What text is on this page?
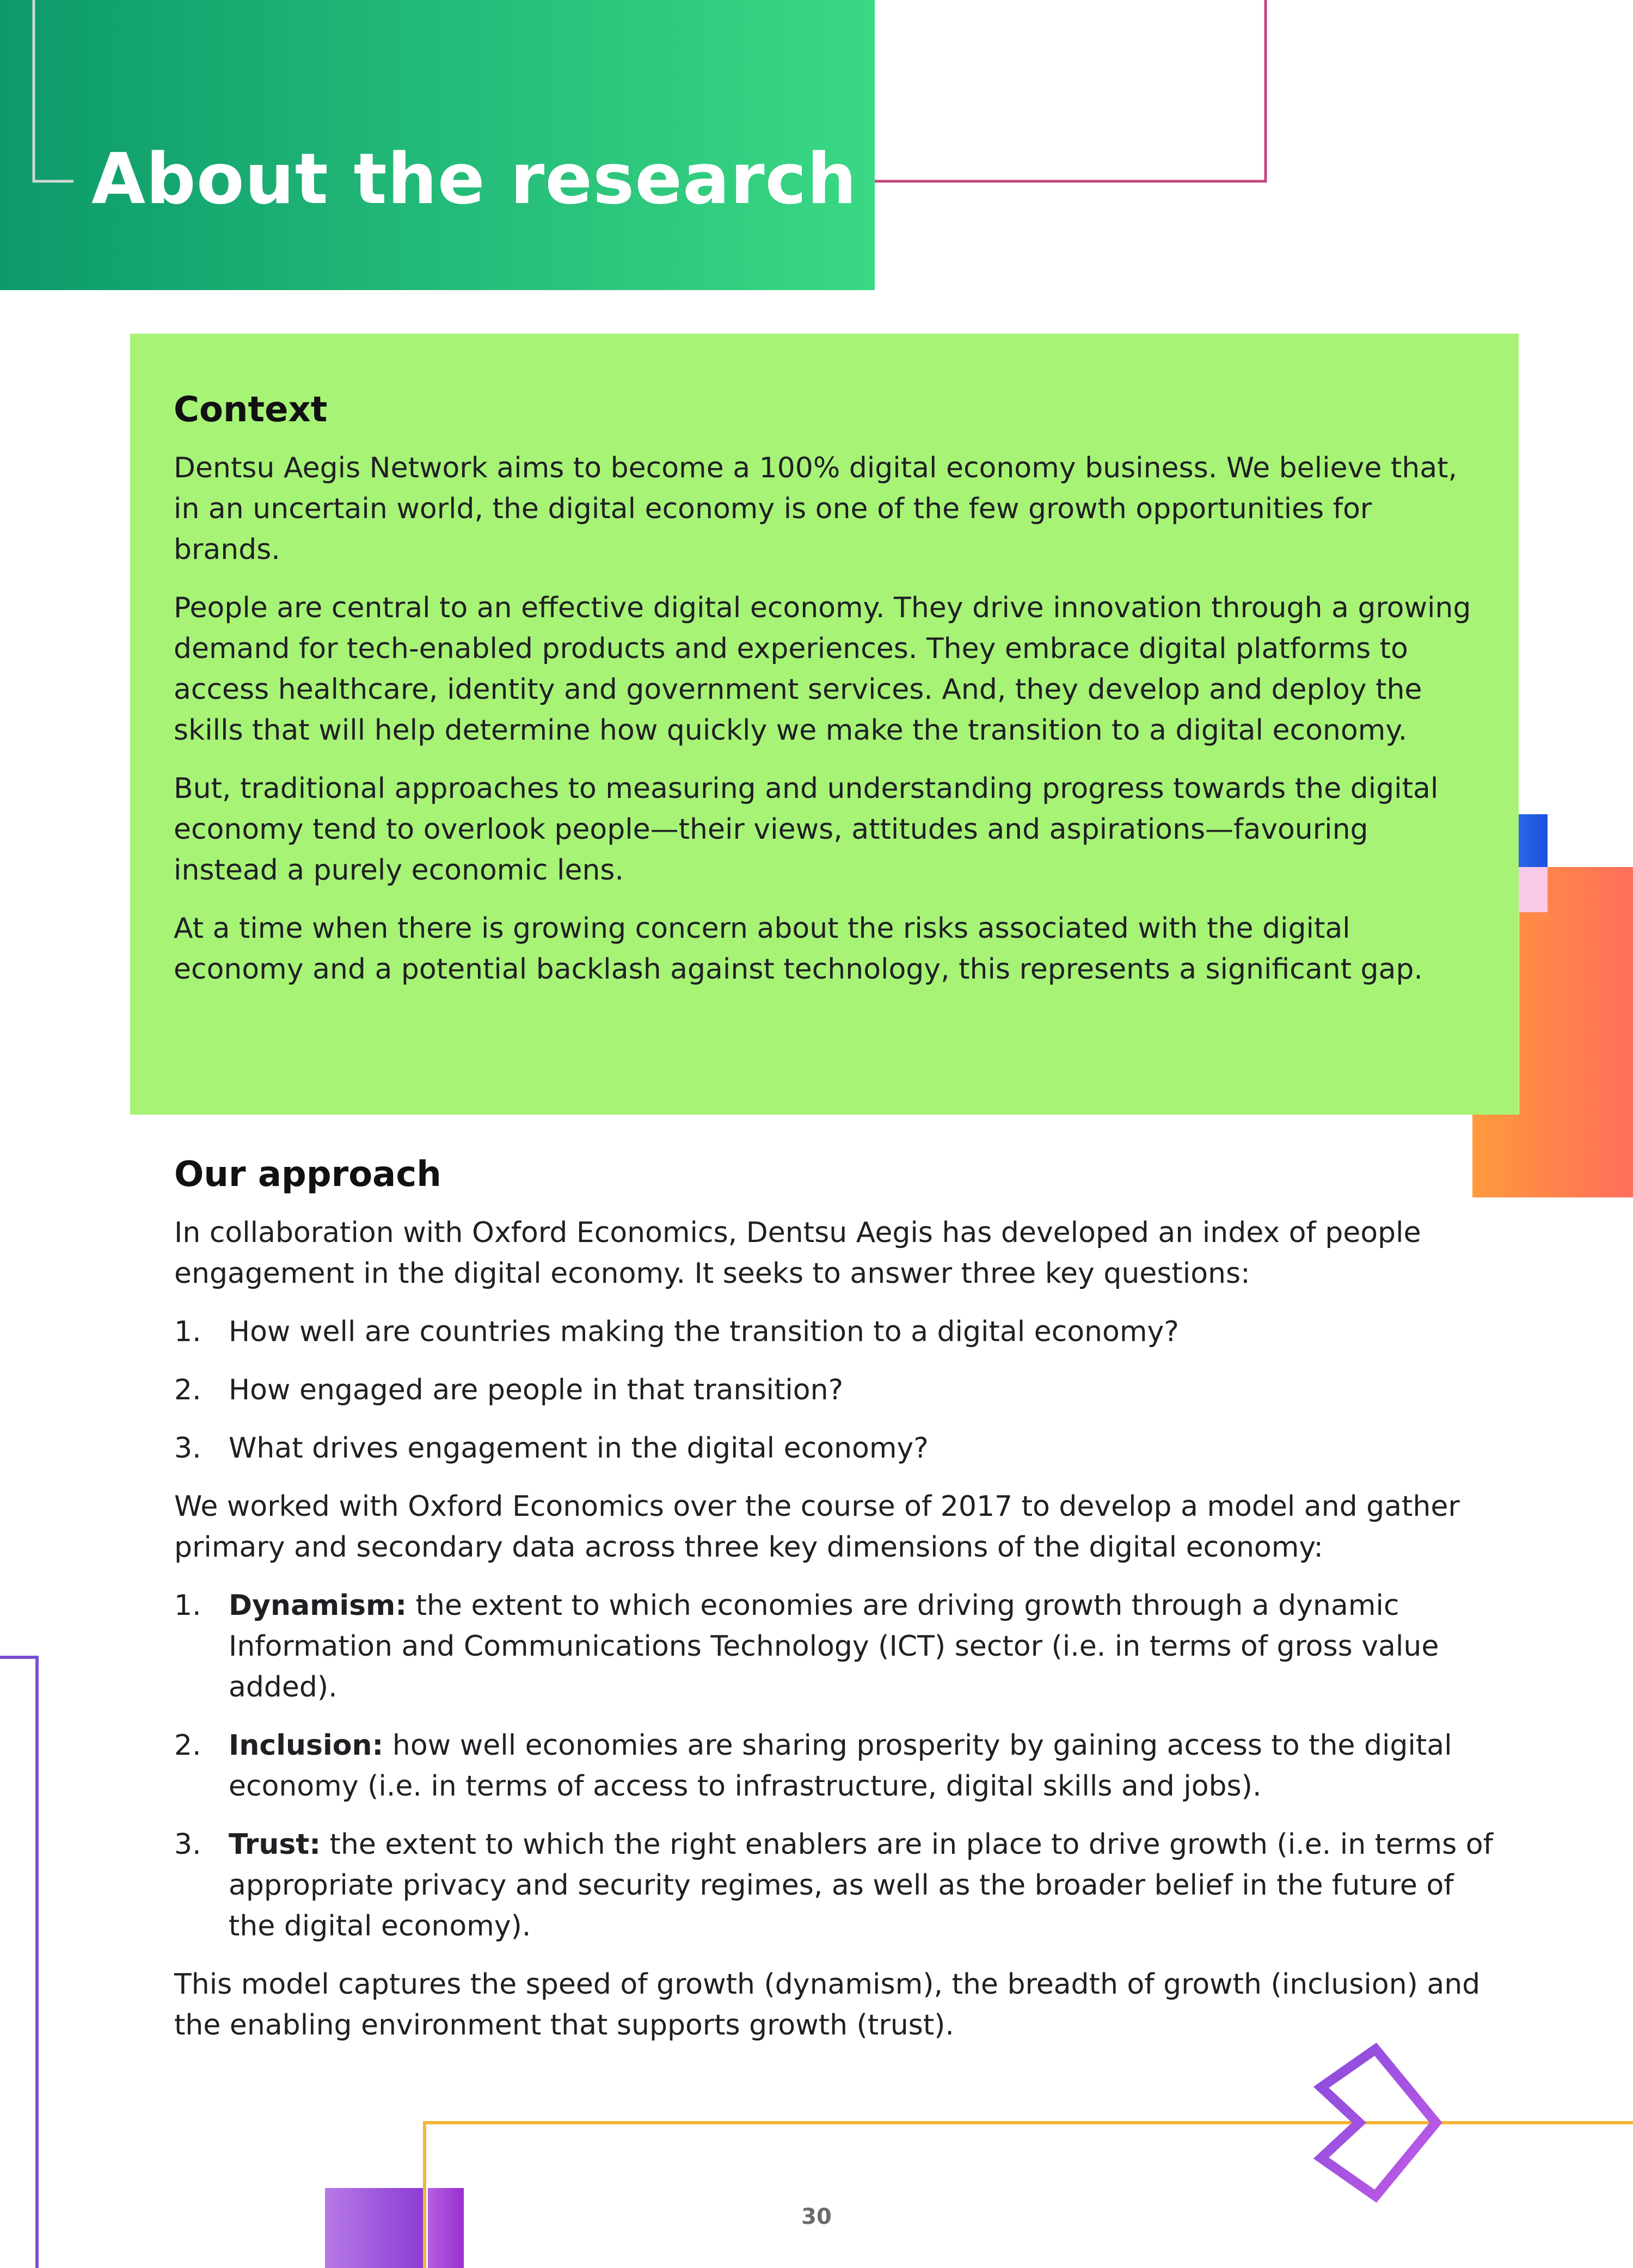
About the research
Context

Dentsu Aegis Network aims to become a 100% digital economy business. We believe that, in an uncertain world, the digital economy is one of the few growth opportunities for brands.

People are central to an effective digital economy. They drive innovation through a growing demand for tech-enabled products and experiences. They embrace digital platforms to access healthcare, identity and government services. And, they develop and deploy the skills that will help determine how quickly we make the transition to a digital economy.

But, traditional approaches to measuring and understanding progress towards the digital economy tend to overlook people—their views, attitudes and aspirations—favouring instead a purely economic lens.

At a time when there is growing concern about the risks associated with the digital economy and a potential backlash against technology, this represents a significant gap.

Our approach

In collaboration with Oxford Economics, Dentsu Aegis has developed an index of people engagement in the digital economy. It seeks to answer three key questions:

1. How well are countries making the transition to a digital economy?
2. How engaged are people in that transition?
3. What drives engagement in the digital economy?

We worked with Oxford Economics over the course of 2017 to develop a model and gather primary and secondary data across three key dimensions of the digital economy:

1. Dynamism: the extent to which economies are driving growth through a dynamic Information and Communications Technology (ICT) sector (i.e. in terms of gross value added).
2. Inclusion: how well economies are sharing prosperity by gaining access to the digital economy (i.e. in terms of access to infrastructure, digital skills and jobs).
3. Trust: the extent to which the right enablers are in place to drive growth (i.e. in terms of appropriate privacy and security regimes, as well as the broader belief in the future of the digital economy).

This model captures the speed of growth (dynamism), the breadth of growth (inclusion) and the enabling environment that supports growth (trust).

30
